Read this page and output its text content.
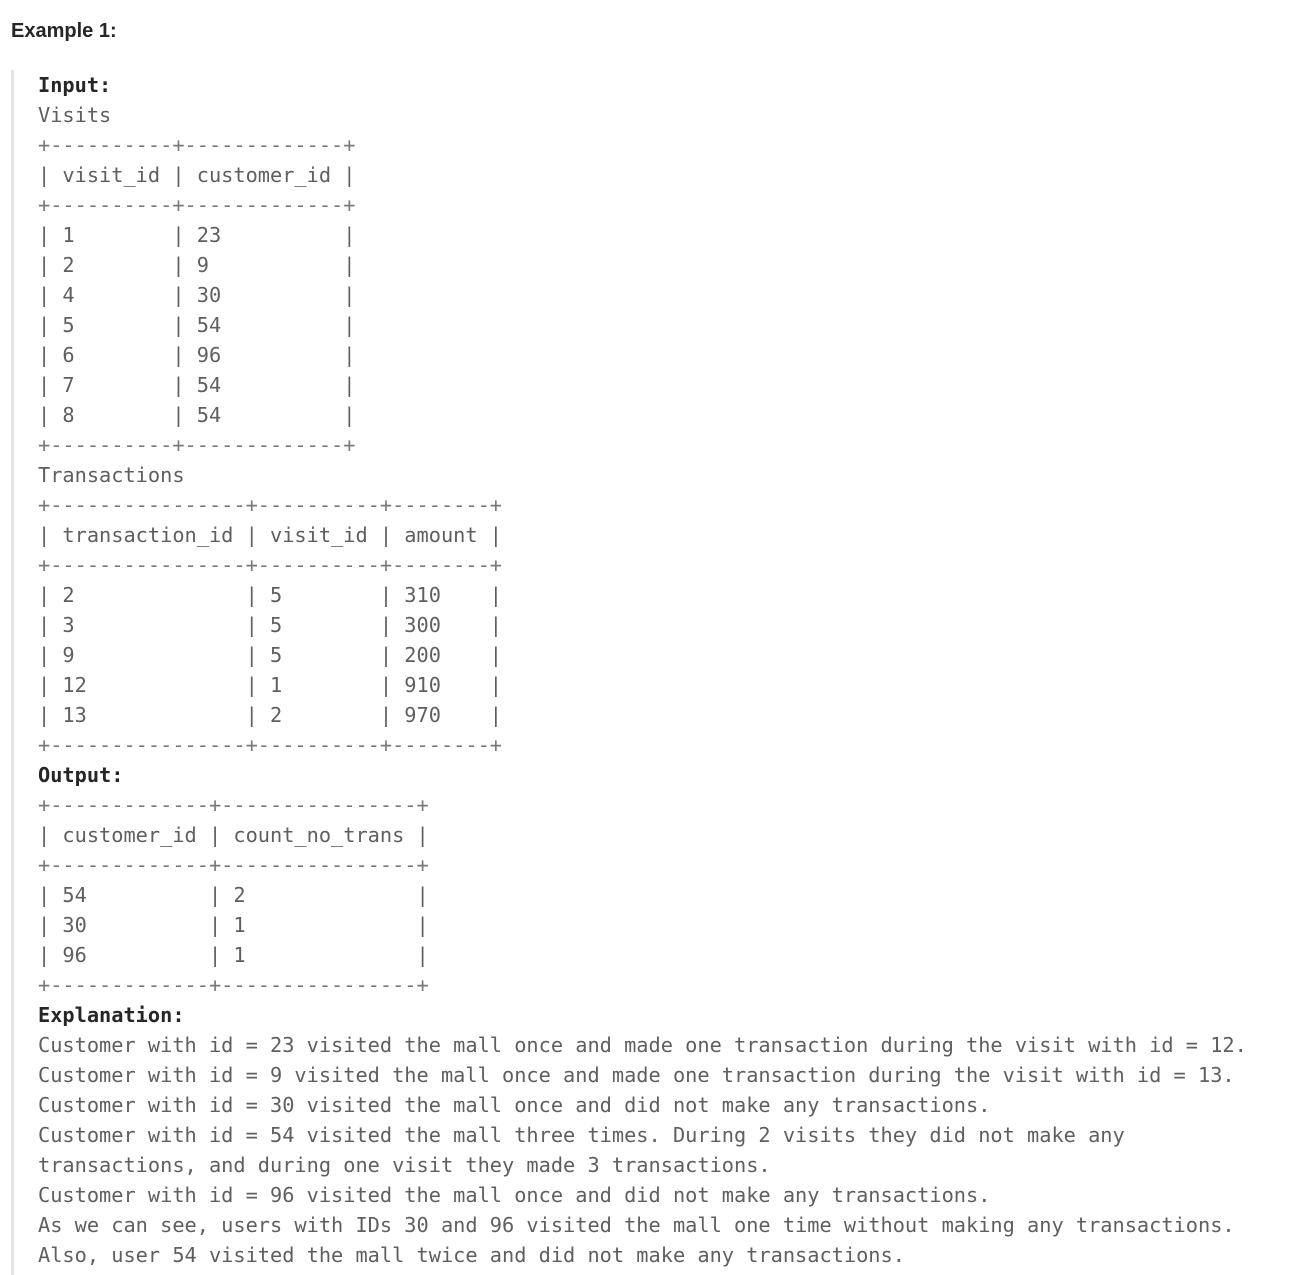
Example 1:

Input:
Visits
+----------+-------------+
| visit_id | customer_id |
+----------+-------------+
| 1        | 23          |
| 2        | 9           |
| 4        | 30          |
| 5        | 54          |
| 6        | 96          |
| 7        | 54          |
| 8        | 54          |
+----------+-------------+
Transactions
+----------------+----------+--------+
| transaction_id | visit_id | amount |
+----------------+----------+--------+
| 2              | 5        | 310    |
| 3              | 5        | 300    |
| 9              | 5        | 200    |
| 12             | 1        | 910    |
| 13             | 2        | 970    |
+----------------+----------+--------+
Output:
+-------------+----------------+
| customer_id | count_no_trans |
+-------------+----------------+
| 54          | 2              |
| 30          | 1              |
| 96          | 1              |
+-------------+----------------+
Explanation:
Customer with id = 23 visited the mall once and made one transaction during the visit with id = 12.
Customer with id = 9 visited the mall once and made one transaction during the visit with id = 13.
Customer with id = 30 visited the mall once and did not make any transactions.
Customer with id = 54 visited the mall three times. During 2 visits they did not make any
transactions, and during one visit they made 3 transactions.
Customer with id = 96 visited the mall once and did not make any transactions.
As we can see, users with IDs 30 and 96 visited the mall one time without making any transactions.
Also, user 54 visited the mall twice and did not make any transactions.
